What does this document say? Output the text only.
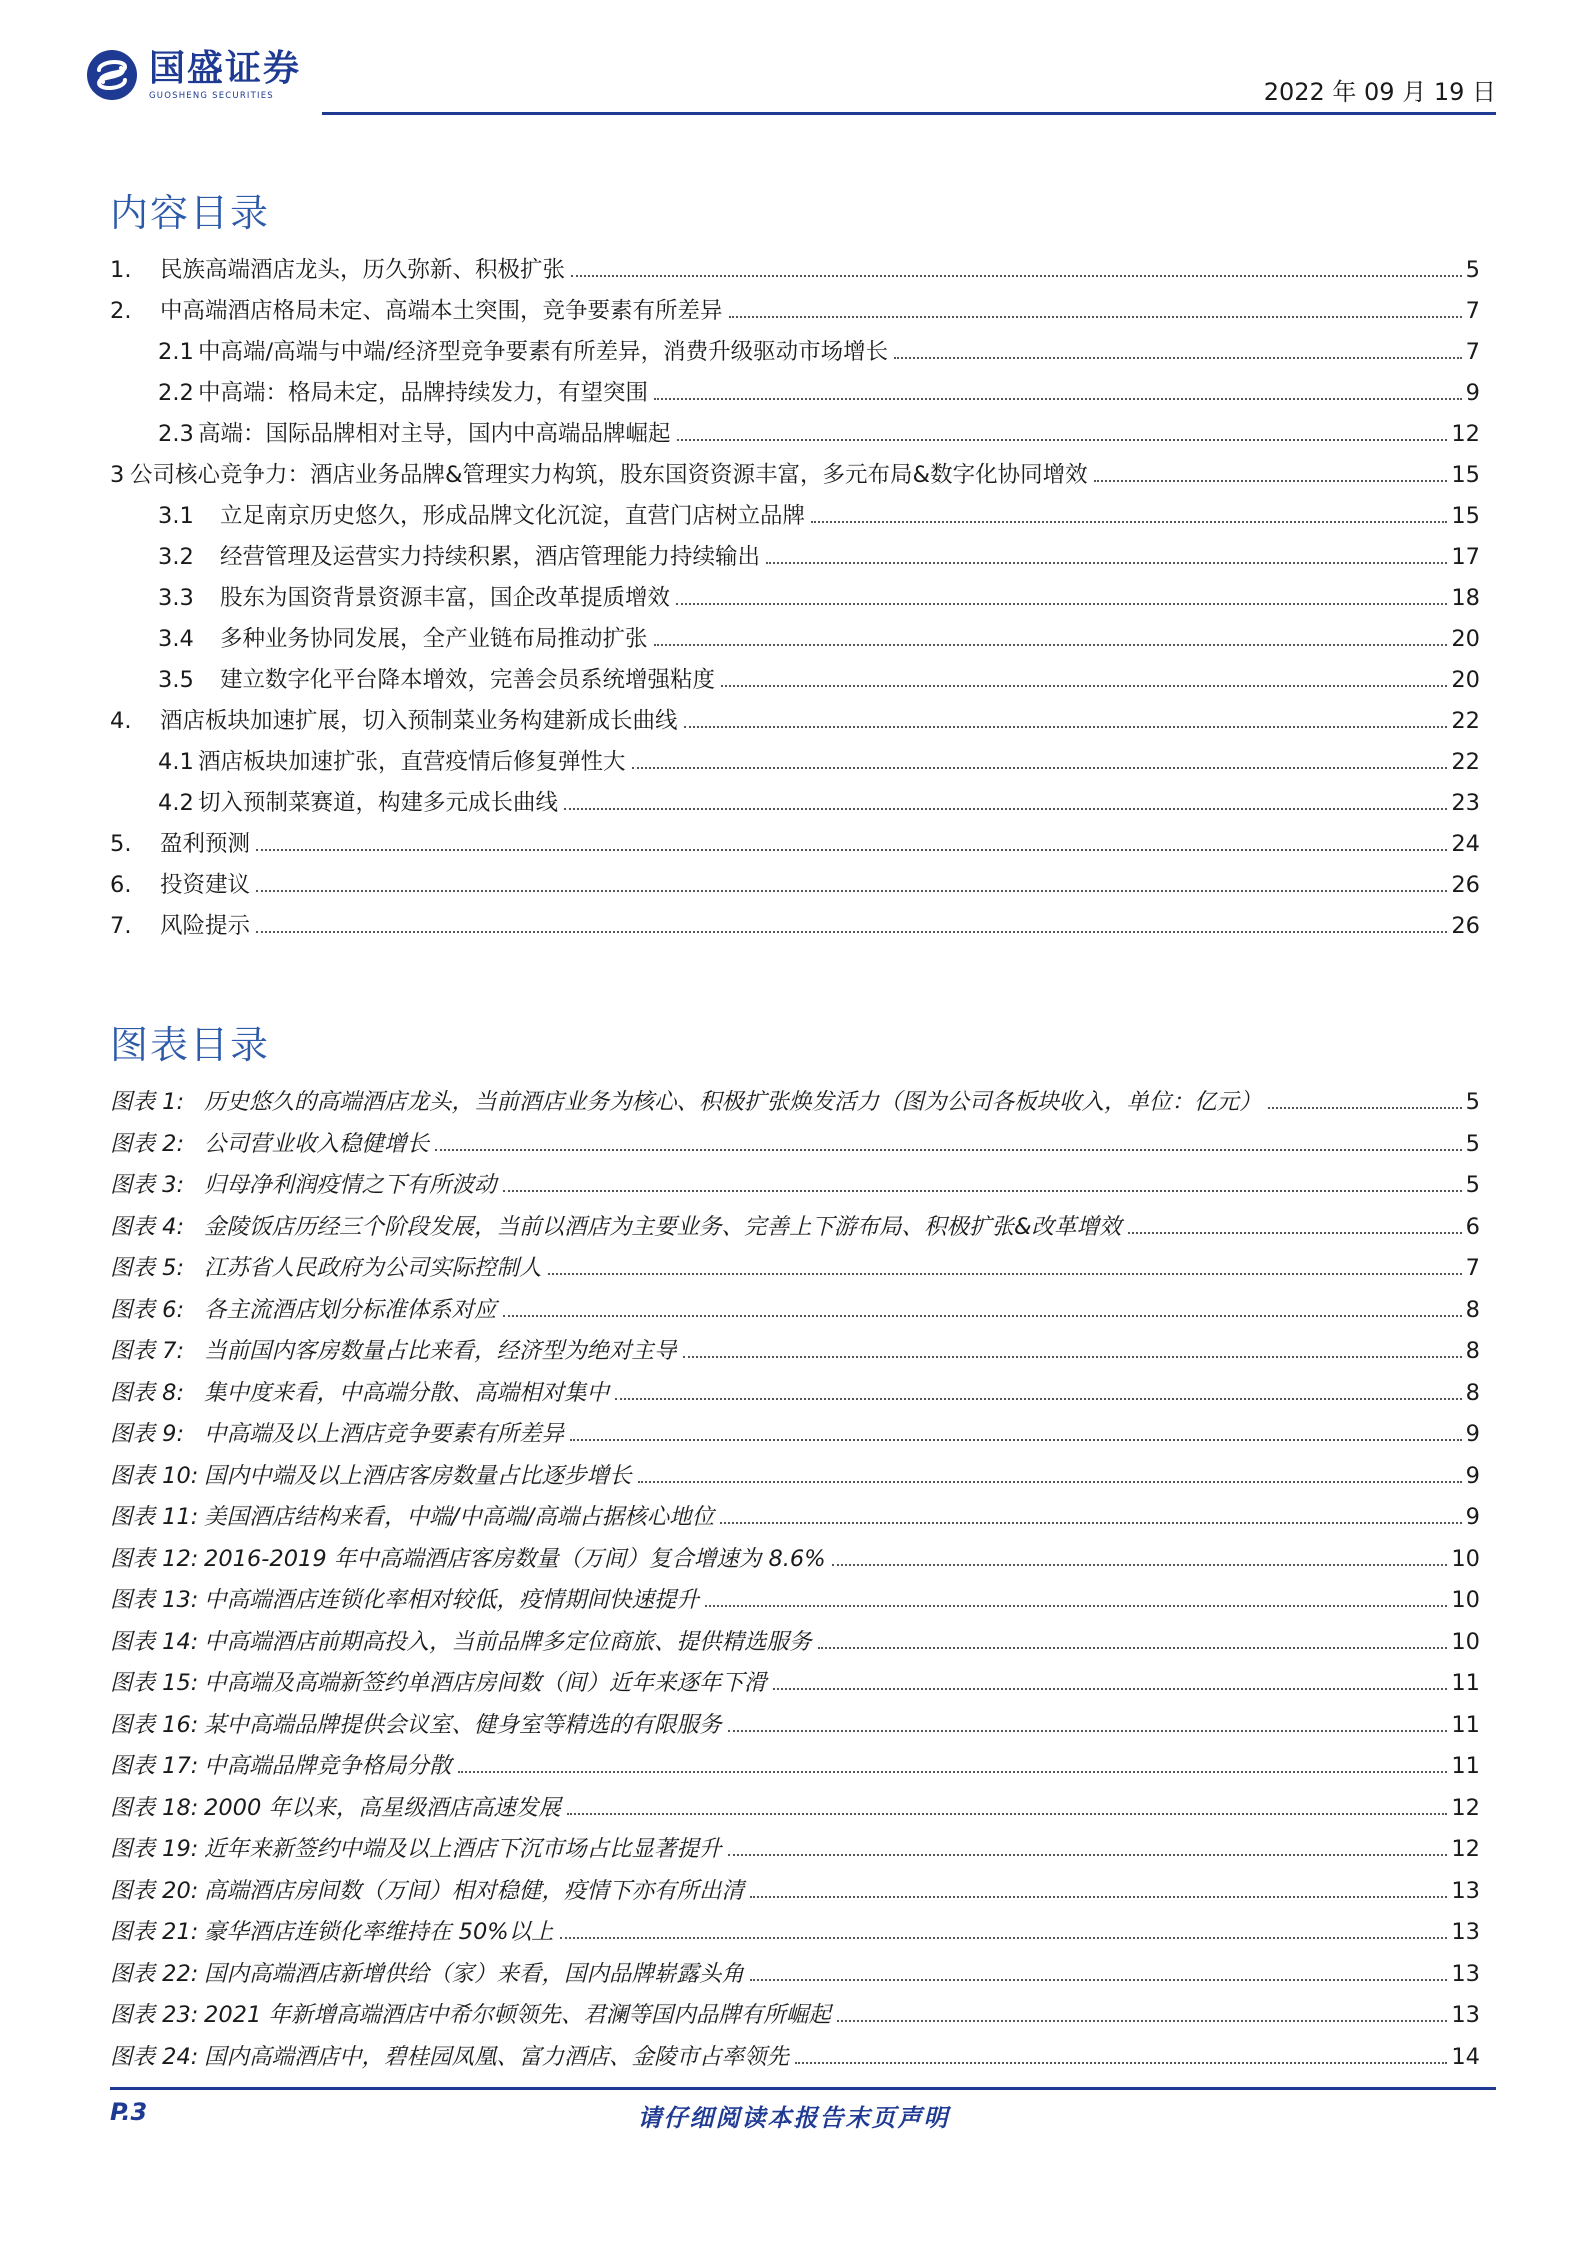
国盛证券
GUOSHENG SECURITIES	2022 年 09 月 19 日
内容目录
1.	民族高端酒店龙头，历久弥新、积极扩张	5
2.	中高端酒店格局未定、高端本土突围，竞争要素有所差异	7
2.1 中高端/高端与中端/经济型竞争要素有所差异，消费升级驱动市场增长	7
2.2 中高端：格局未定，品牌持续发力，有望突围	9
2.3 高端：国际品牌相对主导，国内中高端品牌崛起	12
3 公司核心竞争力：酒店业务品牌&管理实力构筑，股东国资资源丰富，多元布局&数字化协同增效	15
3.1	立足南京历史悠久，形成品牌文化沉淀，直营门店树立品牌	15
3.2	经营管理及运营实力持续积累，酒店管理能力持续输出	17
3.3	股东为国资背景资源丰富，国企改革提质增效	18
3.4	多种业务协同发展，全产业链布局推动扩张	20
3.5	建立数字化平台降本增效，完善会员系统增强粘度	20
4.	酒店板块加速扩展，切入预制菜业务构建新成长曲线	22
4.1 酒店板块加速扩张，直营疫情后修复弹性大	22
4.2 切入预制菜赛道，构建多元成长曲线	23
5.	盈利预测	24
6.	投资建议	26
7.	风险提示	26
图表目录
图表 1: 历史悠久的高端酒店龙头，当前酒店业务为核心、积极扩张焕发活力（图为公司各板块收入，单位：亿元）	5
图表 2: 公司营业收入稳健增长	5
图表 3: 归母净利润疫情之下有所波动	5
图表 4: 金陵饭店历经三个阶段发展，当前以酒店为主要业务、完善上下游布局、积极扩张&改革增效	6
图表 5: 江苏省人民政府为公司实际控制人	7
图表 6: 各主流酒店划分标准体系对应	8
图表 7: 当前国内客房数量占比来看，经济型为绝对主导	8
图表 8: 集中度来看，中高端分散、高端相对集中	8
图表 9: 中高端及以上酒店竞争要素有所差异	9
图表 10: 国内中端及以上酒店客房数量占比逐步增长	9
图表 11: 美国酒店结构来看，中端/中高端/高端占据核心地位	9
图表 12: 2016-2019 年中高端酒店客房数量（万间）复合增速为 8.6%	10
图表 13: 中高端酒店连锁化率相对较低，疫情期间快速提升	10
图表 14: 中高端酒店前期高投入，当前品牌多定位商旅、提供精选服务	10
图表 15: 中高端及高端新签约单酒店房间数（间）近年来逐年下滑	11
图表 16: 某中高端品牌提供会议室、健身室等精选的有限服务	11
图表 17: 中高端品牌竞争格局分散	11
图表 18: 2000 年以来，高星级酒店高速发展	12
图表 19: 近年来新签约中端及以上酒店下沉市场占比显著提升	12
图表 20: 高端酒店房间数（万间）相对稳健，疫情下亦有所出清	13
图表 21: 豪华酒店连锁化率维持在 50%以上	13
图表 22: 国内高端酒店新增供给（家）来看，国内品牌崭露头角	13
图表 23: 2021 年新增高端酒店中希尔顿领先、君澜等国内品牌有所崛起	13
图表 24: 国内高端酒店中，碧桂园凤凰、富力酒店、金陵市占率领先	14
请仔细阅读本报告末页声明
P.3
